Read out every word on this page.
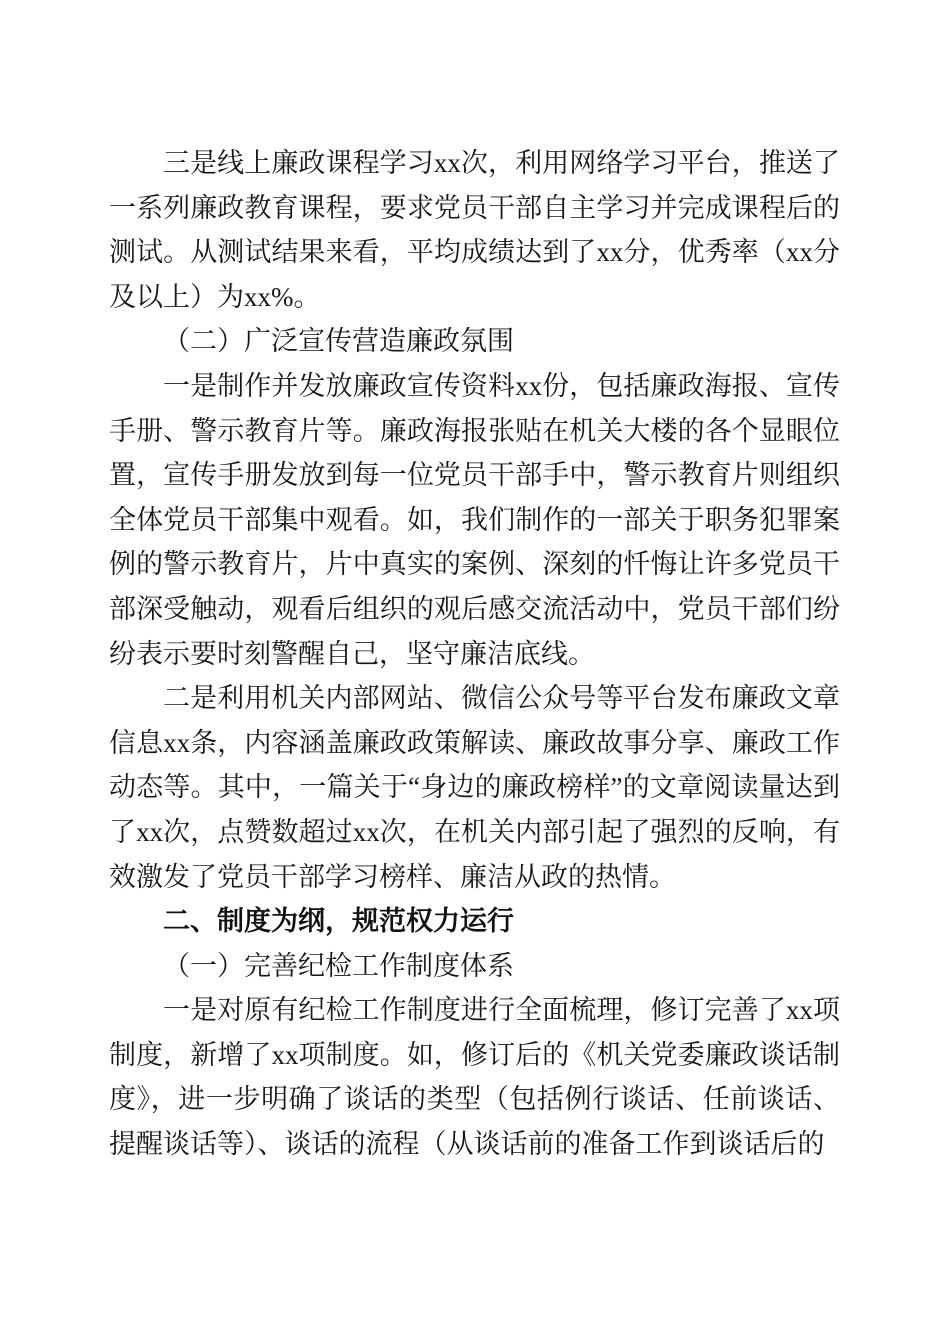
三是线上廉政课程学习xx次，利用网络学习平台，推送了一系列廉政教育课程，要求党员干部自主学习并完成课程后的测试。从测试结果来看，平均成绩达到了xx分，优秀率（xx分及以上）为xx%。

（二）广泛宣传营造廉政氛围

一是制作并发放廉政宣传资料xx份，包括廉政海报、宣传手册、警示教育片等。廉政海报张贴在机关大楼的各个显眼位置，宣传手册发放到每一位党员干部手中，警示教育片则组织全体党员干部集中观看。如，我们制作的一部关于职务犯罪案例的警示教育片，片中真实的案例、深刻的忏悔让许多党员干部深受触动，观看后组织的观后感交流活动中，党员干部们纷纷表示要时刻警醒自己，坚守廉洁底线。

二是利用机关内部网站、微信公众号等平台发布廉政文章信息xx条，内容涵盖廉政政策解读、廉政故事分享、廉政工作动态等。其中，一篇关于“身边的廉政榜样”的文章阅读量达到了xx次，点赞数超过xx次，在机关内部引起了强烈的反响，有效激发了党员干部学习榜样、廉洁从政的热情。

二、制度为纲，规范权力运行

（一）完善纪检工作制度体系

一是对原有纪检工作制度进行全面梳理，修订完善了xx项制度，新增了xx项制度。如，修订后的《机关党委廉政谈话制度》，进一步明确了谈话的类型（包括例行谈话、任前谈话、提醒谈话等）、谈话的流程（从谈话前的准备工作到谈话后的
